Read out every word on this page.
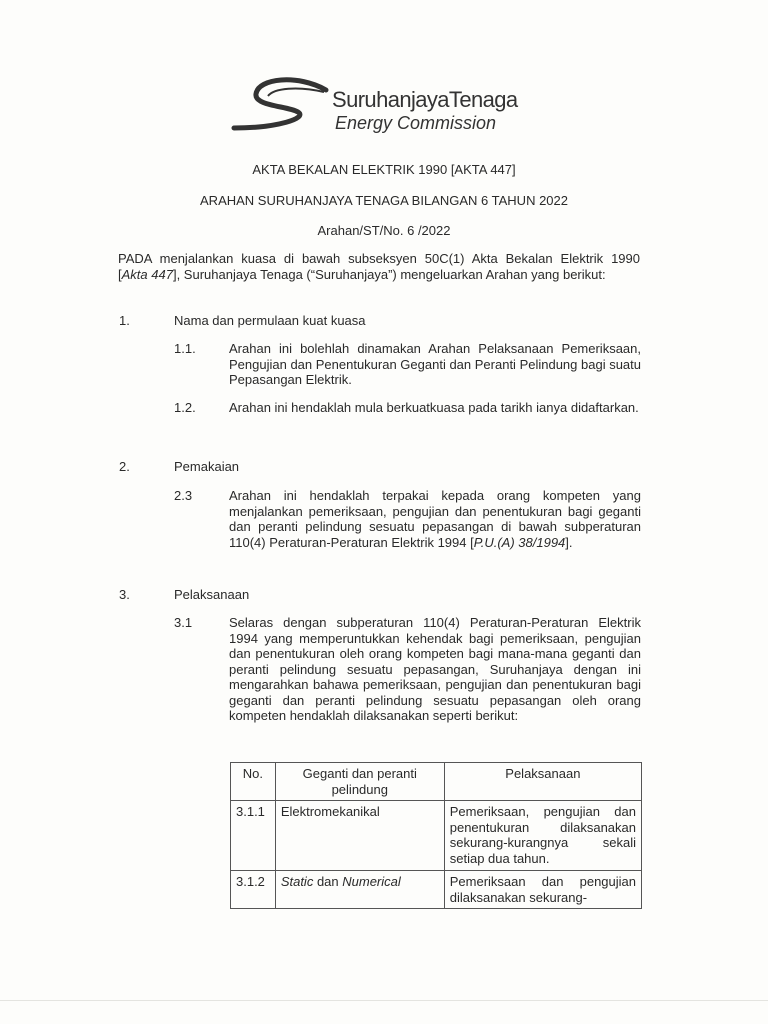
SuruhanjayaTenaga
Energy Commission
AKTA BEKALAN ELEKTRIK 1990 [AKTA 447]
ARAHAN SURUHANJAYA TENAGA BILANGAN 6 TAHUN 2022
Arahan/ST/No. 6 /2022
PADA menjalankan kuasa di bawah subseksyen 50C(1) Akta Bekalan Elektrik 1990
[Akta 447], Suruhanjaya Tenaga (“Suruhanjaya”) mengeluarkan Arahan yang berikut:
1.	Nama dan permulaan kuat kuasa
1.1.	Arahan ini bolehlah dinamakan Arahan Pelaksanaan Pemeriksaan, Pengujian dan Penentukuran Geganti dan Peranti Pelindung bagi suatu Pepasangan Elektrik.
1.2.	Arahan ini hendaklah mula berkuatkuasa pada tarikh ianya didaftarkan.
2.	Pemakaian
2.3	Arahan ini hendaklah terpakai kepada orang kompeten yang menjalankan pemeriksaan, pengujian dan penentukuran bagi geganti dan peranti pelindung sesuatu pepasangan di bawah subperaturan 110(4) Peraturan-Peraturan Elektrik 1994 [P.U.(A) 38/1994].
3.	Pelaksanaan
3.1	Selaras dengan subperaturan 110(4) Peraturan-Peraturan Elektrik 1994 yang memperuntukkan kehendak bagi pemeriksaan, pengujian dan penentukuran oleh orang kompeten bagi mana-mana geganti dan peranti pelindung sesuatu pepasangan, Suruhanjaya dengan ini mengarahkan bahawa pemeriksaan, pengujian dan penentukuran bagi geganti dan peranti pelindung sesuatu pepasangan oleh orang kompeten hendaklah dilaksanakan seperti berikut:
No.	Geganti dan peranti pelindung	Pelaksanaan
3.1.1	Elektromekanikal	Pemeriksaan, pengujian dan penentukuran dilaksanakan sekurang-kurangnya sekali setiap dua tahun.
3.1.2	Static dan Numerical	Pemeriksaan dan pengujian dilaksanakan sekurang-
